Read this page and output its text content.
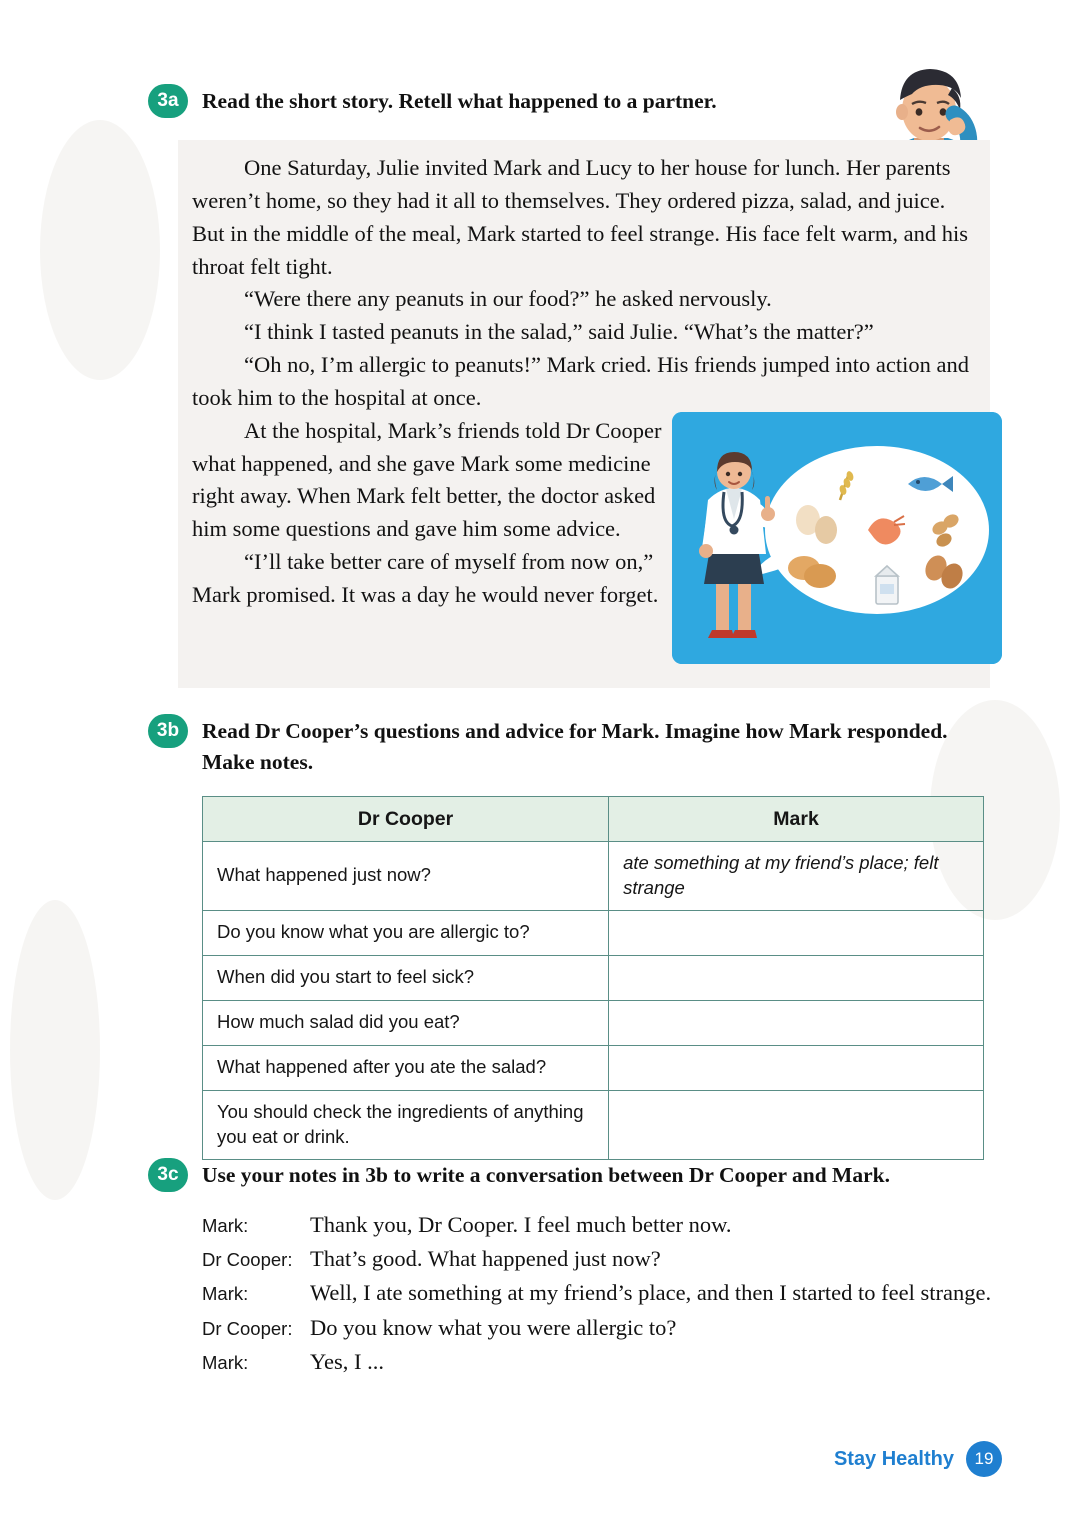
3a	Read the short story. Retell what happened to a partner.

One Saturday, Julie invited Mark and Lucy to her house for lunch. Her parents weren’t home, so they had it all to themselves. They ordered pizza, salad, and juice. But in the middle of the meal, Mark started to feel strange. His face felt warm, and his throat felt tight.

“Were there any peanuts in our food?” he asked nervously.

“I think I tasted peanuts in the salad,” said Julie. “What’s the matter?”

“Oh no, I’m allergic to peanuts!” Mark cried. His friends jumped into action and took him to the hospital at once.

At the hospital, Mark’s friends told Dr Cooper what happened, and she gave Mark some medicine right away. When Mark felt better, the doctor asked him some questions and gave him some advice.

“I’ll take better care of myself from now on,” Mark promised. It was a day he would never forget.

3b	Read Dr Cooper’s questions and advice for Mark. Imagine how Mark responded. Make notes.
Dr Cooper	Mark
What happened just now?	ate something at my friend’s place; felt strange
Do you know what you are allergic to?	
When did you start to feel sick?	
How much salad did you eat?	
What happened after you ate the salad?	
You should check the ingredients of anything you eat or drink.	
3c	Use your notes in 3b to write a conversation between Dr Cooper and Mark.
Mark:	Thank you, Dr Cooper. I feel much better now.
Dr Cooper: That’s good. What happened just now?
Mark:	Well, I ate something at my friend’s place, and then I started to feel strange.
Dr Cooper: Do you know what you were allergic to?
Mark:	Yes, I ...
Stay Healthy	19
